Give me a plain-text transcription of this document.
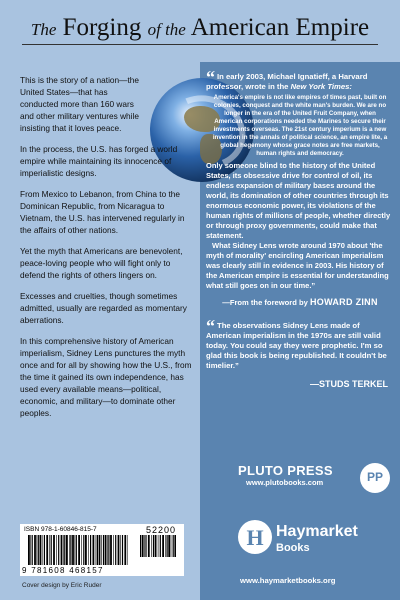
The Forging of the American Empire

This is the story of a nation—the United States—that has conducted more than 160 wars and other military ventures while insisting that it loves peace.

In the process, the U.S. has forged a world empire while maintaining its innocence of imperialistic designs.

From Mexico to Lebanon, from China to the Dominican Republic, from Nicaragua to Vietnam, the U.S. has intervened regularly in the affairs of other nations.

Yet the myth that Americans are benevolent, peace-loving people who will fight only to defend the rights of others lingers on.

Excesses and cruelties, though sometimes admitted, usually are regarded as momentary aberrations.

In this comprehensive history of American imperialism, Sidney Lens punctures the myth once and for all by showing how the U.S., from the time it gained its own independence, has used every available means—political, economic, and military—to dominate other peoples.

“ In early 2003, Michael Ignatieff, a Harvard professor, wrote in the New York Times:

America's empire is not like empires of times past, built on colonies, conquest and the white man's burden. We are no longer in the era of the United Fruit Company, when American corporations needed the Marines to secure their investments overseas. The 21st century imperium is a new invention in the annals of political science, an empire lite, a global hegemony whose grace notes are free markets, human rights and democracy.

Only someone blind to the history of the United States, its obsessive drive for control of oil, its endless expansion of military bases around the world, its domination of other countries through its enormous economic power, its violations of the human rights of millions of people, whether directly or through proxy governments, could make that statement.

What Sidney Lens wrote around 1970 about 'the myth of morality' encircling American imperialism was clearly still in evidence in 2003. His history of the American empire is essential for understanding what still goes on in our time.”

—From the foreword by HOWARD ZINN

“ The observations Sidney Lens made of American imperialism in the 1970s are still valid today. You could say they were prophetic. I'm so glad this book is being republished. It couldn't be timelier.”

—STUDS TERKEL
PLUTO PRESS
www.plutobooks.com	PP
H Haymarket
Books
www.haymarketbooks.org
ISBN 978-1-60846-815-7	52200
9 781608 468157
Cover design by Eric Ruder
